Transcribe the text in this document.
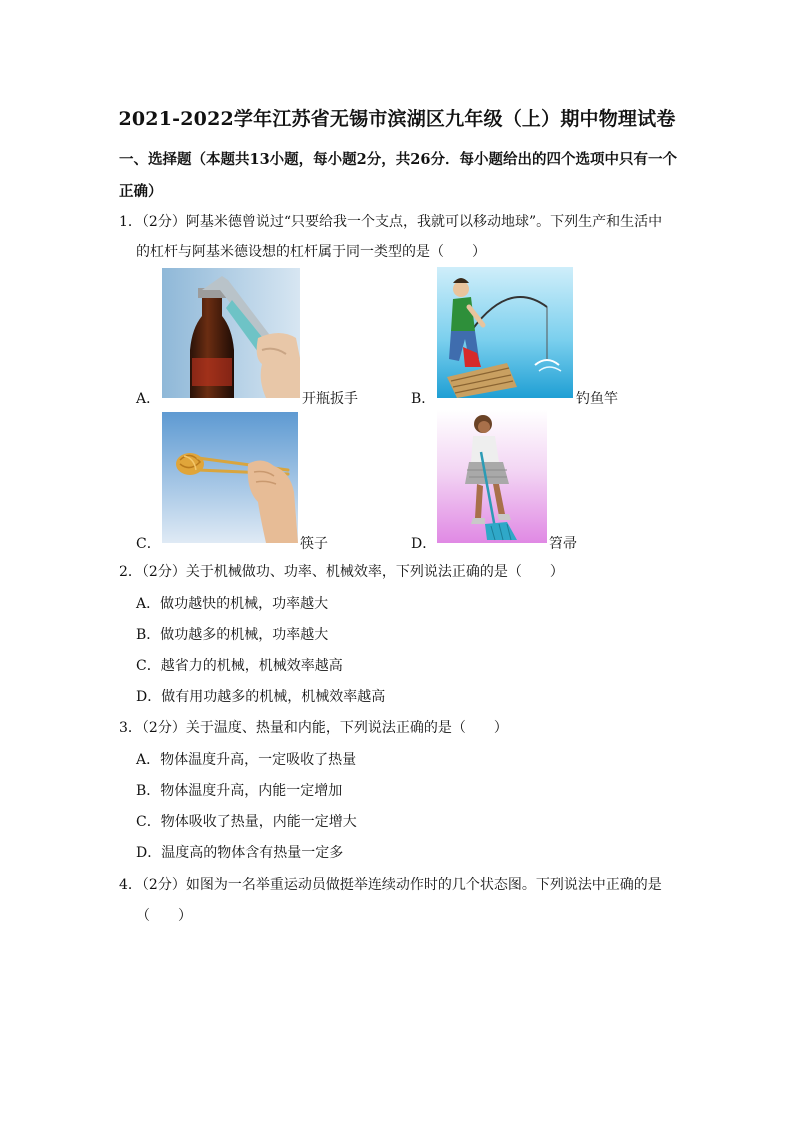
2021-2022学年江苏省无锡市滨湖区九年级（上）期中物理试卷
一、选择题（本题共13小题，每小题2分，共26分．每小题给出的四个选项中只有一个
正确）
1．（2分）阿基米德曾说过“只要给我一个支点，我就可以移动地球”。下列生产和生活中
的杠杆与阿基米德设想的杠杆属于同一类型的是（　　）
A．	开瓶扳手	B．	钓鱼竿
C．	筷子	D．	笤帚
2．（2分）关于机械做功、功率、机械效率，下列说法正确的是（　　）
A．做功越快的机械，功率越大
B．做功越多的机械，功率越大
C．越省力的机械，机械效率越高
D．做有用功越多的机械，机械效率越高
3．（2分）关于温度、热量和内能，下列说法正确的是（　　）
A．物体温度升高，一定吸收了热量
B．物体温度升高，内能一定增加
C．物体吸收了热量，内能一定增大
D．温度高的物体含有热量一定多
4．（2分）如图为一名举重运动员做挺举连续动作时的几个状态图。下列说法中正确的是
（　　）
